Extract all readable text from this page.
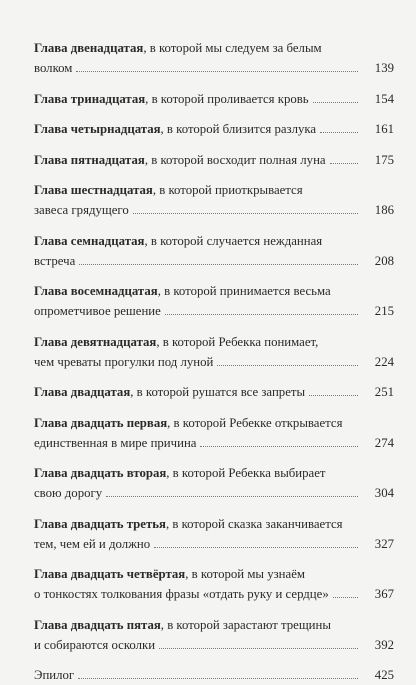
Глава двенадцатая, в которой мы следуем за белым
волком	139
Глава тринадцатая, в которой проливается кровь	154
Глава четырнадцатая, в которой близится разлука	161
Глава пятнадцатая, в которой восходит полная луна	175
Глава шестнадцатая, в которой приоткрывается
завеса грядущего	186
Глава семнадцатая, в которой случается нежданная
встреча	208
Глава восемнадцатая, в которой принимается весьма
опрометчивое решение	215
Глава девятнадцатая, в которой Ребекка понимает,
чем чреваты прогулки под луной	224
Глава двадцатая, в которой рушатся все запреты	251
Глава двадцать первая, в которой Ребекке открывается
единственная в мире причина	274
Глава двадцать вторая, в которой Ребекка выбирает
свою дорогу	304
Глава двадцать третья, в которой сказка заканчивается
тем, чем ей и должно	327
Глава двадцать четвёртая, в которой мы узнаём
о тонкостях толкования фразы «отдать руку и сердце»	367
Глава двадцать пятая, в которой зарастают трещины
и собираются осколки	392
Эпилог	425
